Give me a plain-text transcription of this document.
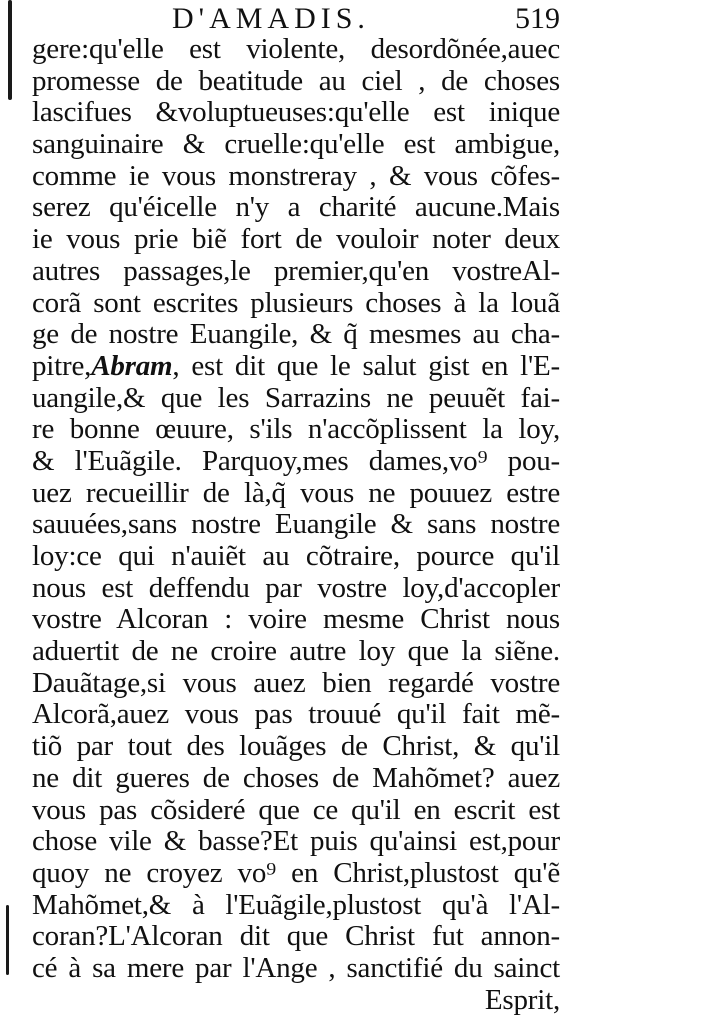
D'AMADIS.	519
gere:qu'elle est violente, desordõnée,auec
promesse de beatitude au ciel , de choses
lascifues &voluptueuses:qu'elle est inique
sanguinaire & cruelle:qu'elle est ambigue,
comme ie vous monstreray , & vous cõfes-
serez qu'éicelle n'y a charité aucune.Mais
ie vous prie biẽ fort de vouloir noter deux
autres passages,le premier,qu'en vostreAl-
corã sont escrites plusieurs choses à la louã
ge de nostre Euangile, & q̃ mesmes au cha-
pitre,Abram, est dit que le salut gist en l'E-
uangile,& que les Sarrazins ne peuuẽt fai-
re bonne œuure, s'ils n'accõplissent la loy,
& l'Euãgile. Parquoy,mes dames,vo⁹ pou-
uez recueillir de là,q̃ vous ne pouuez estre
sauuées,sans nostre Euangile & sans nostre
loy:ce qui n'auiẽt au cõtraire, pource qu'il
nous est deffendu par vostre loy,d'accopler
vostre Alcoran : voire mesme Christ nous
aduertit de ne croire autre loy que la siẽne.
Dauãtage,si vous auez bien regardé vostre
Alcorã,auez vous pas trouué qu'il fait mẽ-
tiõ par tout des louãges de Christ, & qu'il
ne dit gueres de choses de Mahõmet? auez
vous pas cõsideré que ce qu'il en escrit est
chose vile & basse?Et puis qu'ainsi est,pour
quoy ne croyez vo⁹ en Christ,plustost qu'ẽ
Mahõmet,& à l'Euãgile,plustost qu'à l'Al-
coran?L'Alcoran dit que Christ fut annon-
cé à sa mere par l'Ange , sanctifié du sainct
Esprit,
